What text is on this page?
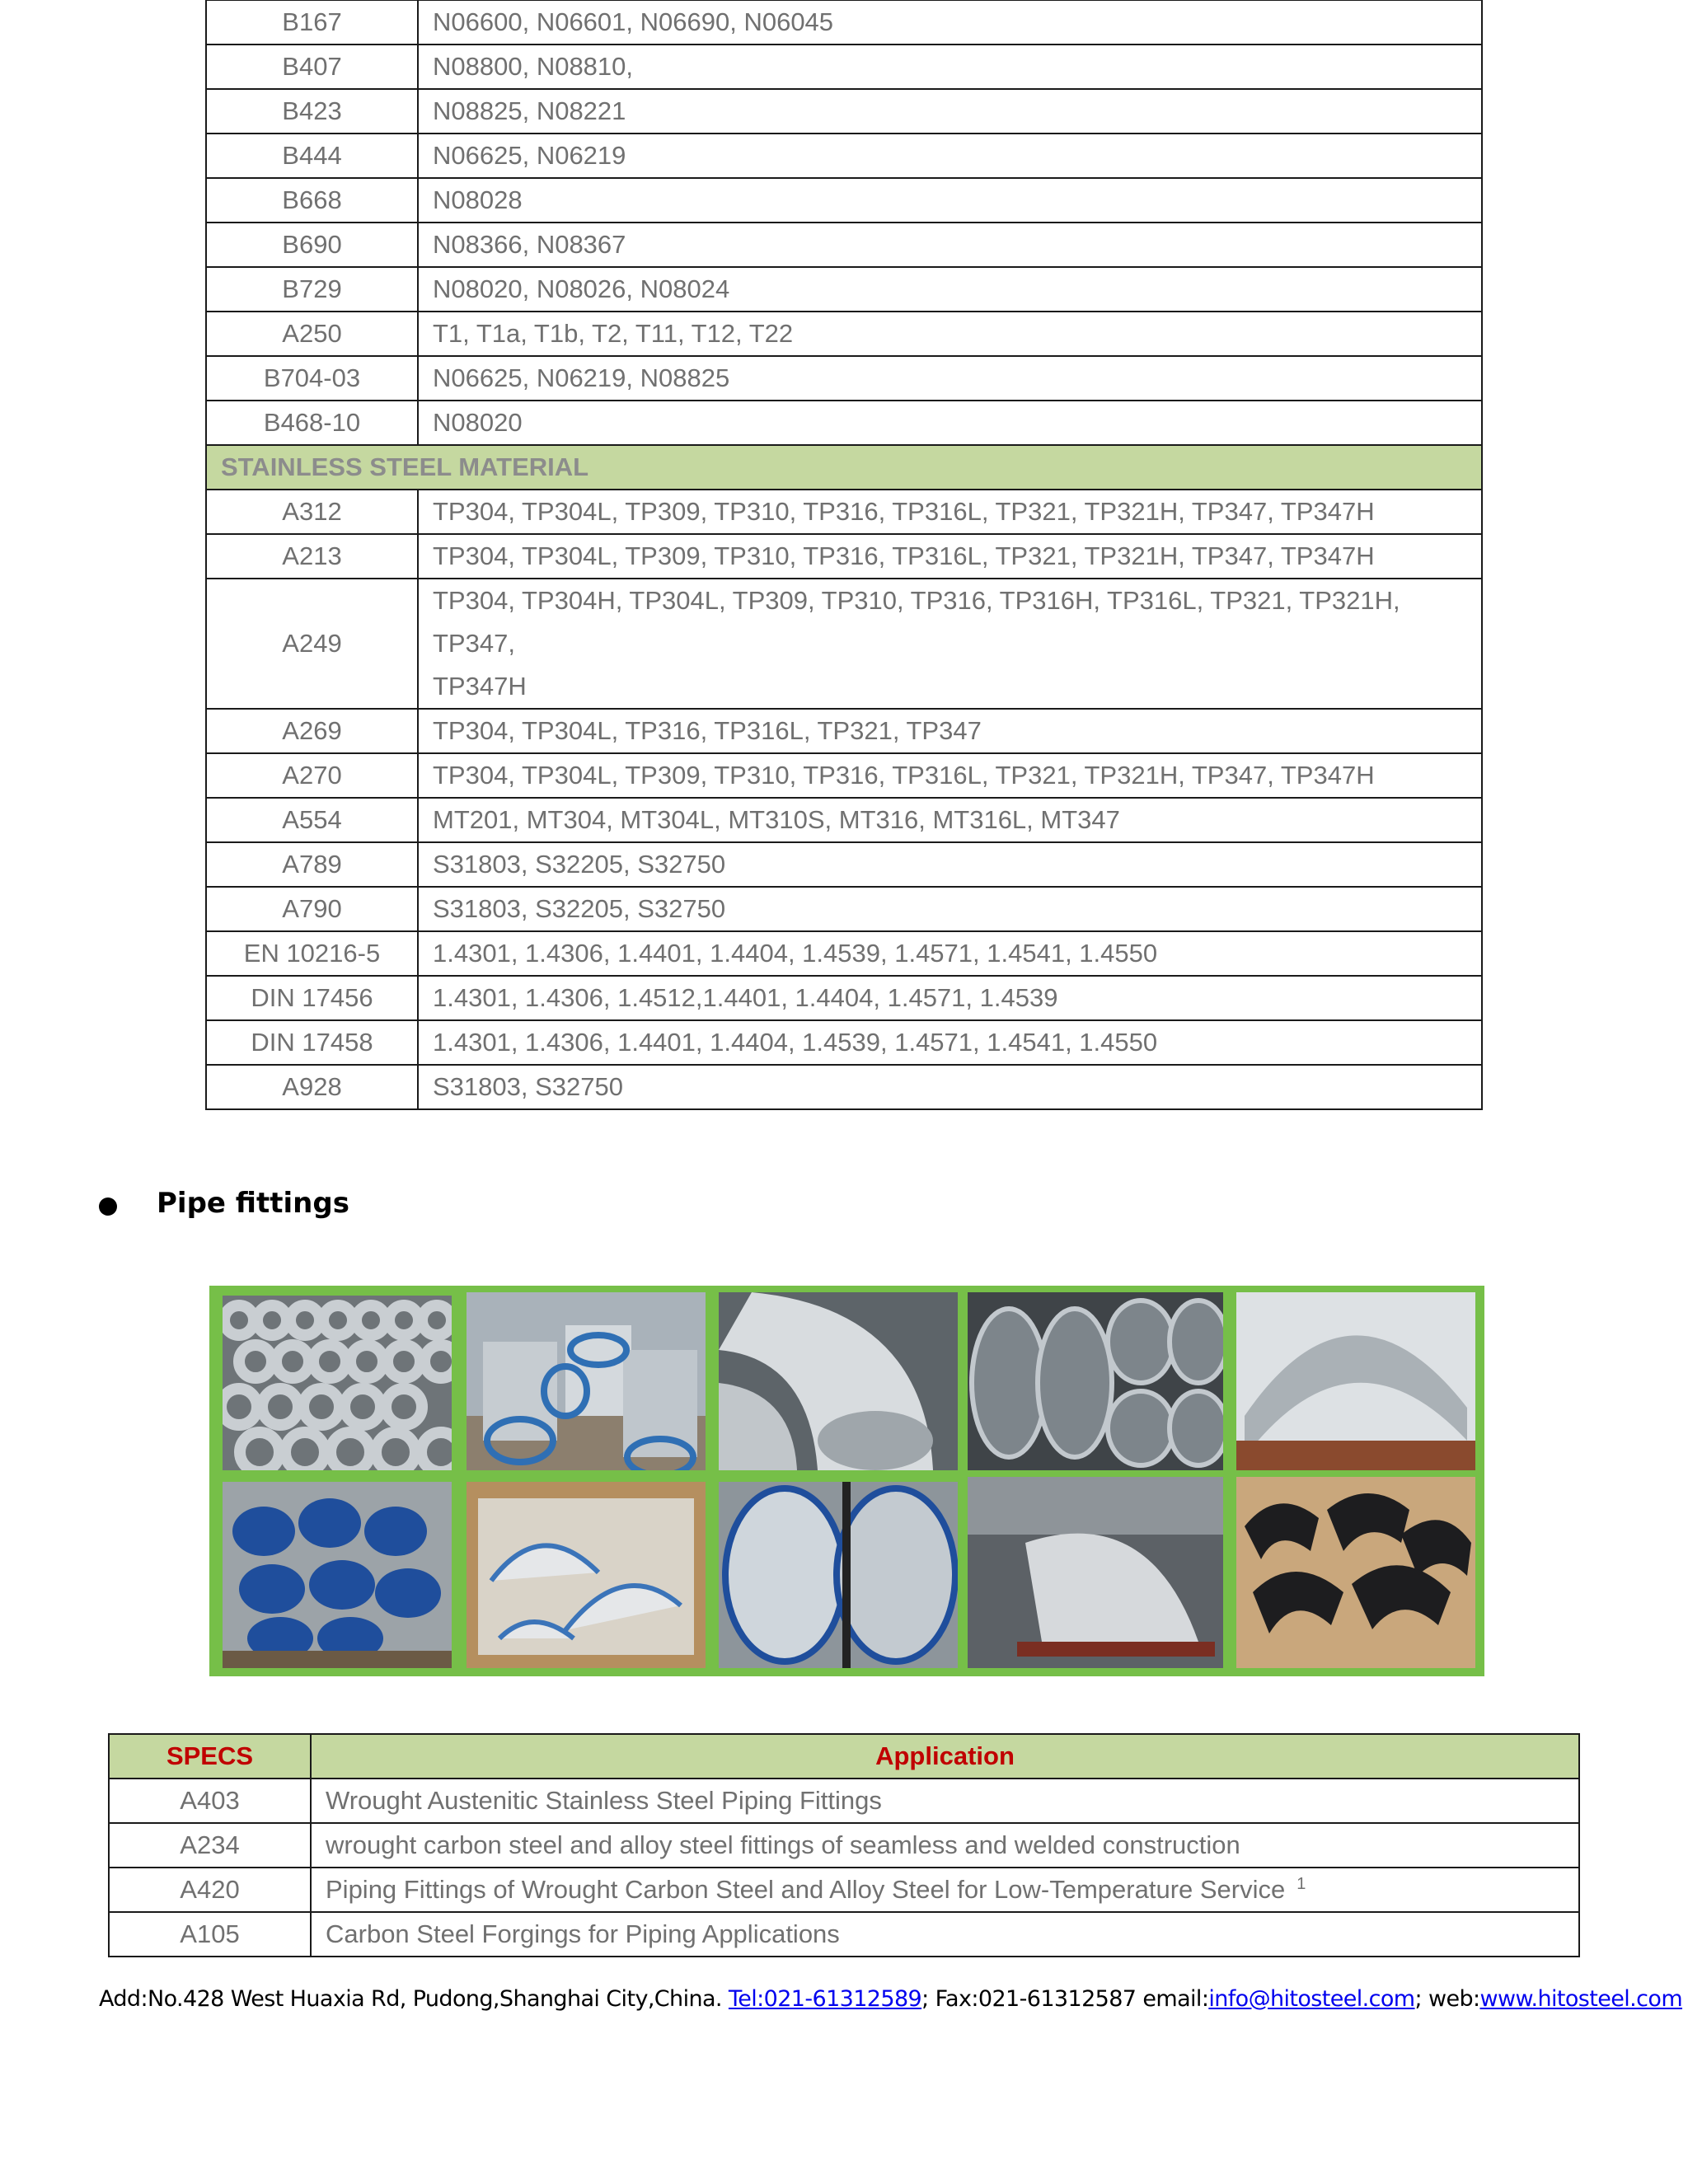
B167	N06600, N06601, N06690, N06045
B407	N08800, N08810,
B423	N08825, N08221
B444	N06625, N06219
B668	N08028
B690	N08366, N08367
B729	N08020, N08026, N08024
A250	T1, T1a, T1b, T2, T11, T12, T22
B704-03	N06625, N06219, N08825
B468-10	N08020
STAINLESS STEEL MATERIAL	
A312	TP304, TP304L, TP309, TP310, TP316, TP316L, TP321, TP321H, TP347, TP347H
A213	TP304, TP304L, TP309, TP310, TP316, TP316L, TP321, TP321H, TP347, TP347H
A249	TP304, TP304H, TP304L, TP309, TP310, TP316, TP316H, TP316L, TP321, TP321H, TP347,
TP347H

A269	TP304, TP304L, TP316, TP316L, TP321, TP347
A270	TP304, TP304L, TP309, TP310, TP316, TP316L, TP321, TP321H, TP347, TP347H
A554	MT201, MT304, MT304L, MT310S, MT316, MT316L, MT347
A789	S31803, S32205, S32750
A790	S31803, S32205, S32750
EN 10216-5	1.4301, 1.4306, 1.4401, 1.4404, 1.4539, 1.4571, 1.4541, 1.4550
DIN 17456	1.4301, 1.4306, 1.4512,1.4401, 1.4404, 1.4571, 1.4539
DIN 17458	1.4301, 1.4306, 1.4401, 1.4404, 1.4539, 1.4571, 1.4541, 1.4550
A928	S31803, S32750
Pipe fittings
SPECS	Application
A403	Wrought Austenitic Stainless Steel Piping Fittings
A234	wrought carbon steel and alloy steel fittings of seamless and welded construction
A420	Piping Fittings of Wrought Carbon Steel and Alloy Steel for Low-Temperature Service $^1$
A105	Carbon Steel Forgings for Piping Applications
Add:No.428 West Huaxia Rd, Pudong,Shanghai City,China. Tel:021-61312589; Fax:021-61312587 email:info@hitosteel.com; web:www.hitosteel.com
